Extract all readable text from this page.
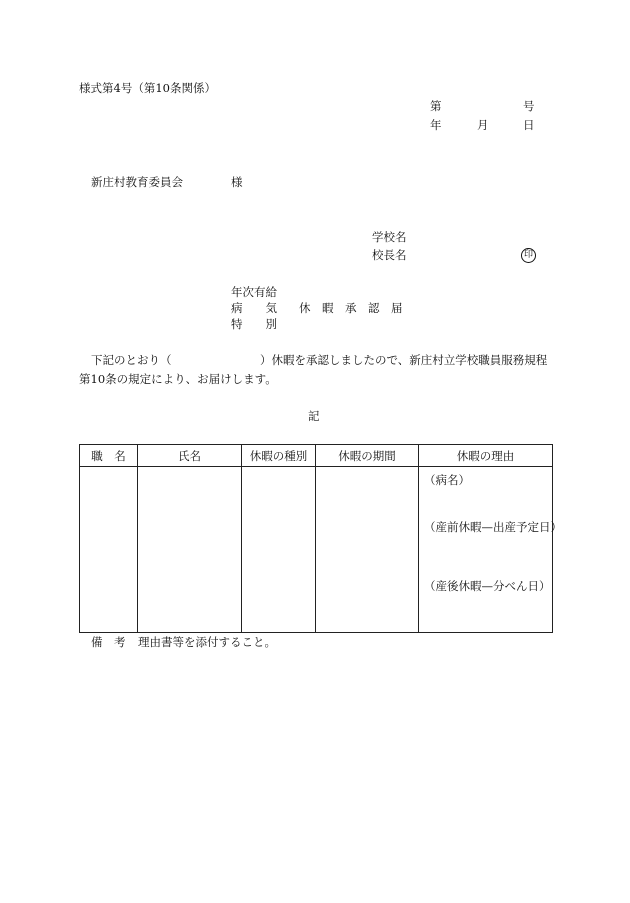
様式第4号（第10条関係）
第	号
年	月	日
新庄村教育委員会	様
学校名
校長名	印
年次有給
病　　気
特　　別
休　暇　承　認　届
下記のとおり（	）休暇を承認しましたので、新庄村立学校職員服務規程
第10条の規定により、お届けします。
記
職　名	氏名	休暇の種別	休暇の期間	休暇の理由

				（病名）
（産前休暇—出産予定日）
（産後休暇—分べん日）
備　考 理由書等を添付すること。
